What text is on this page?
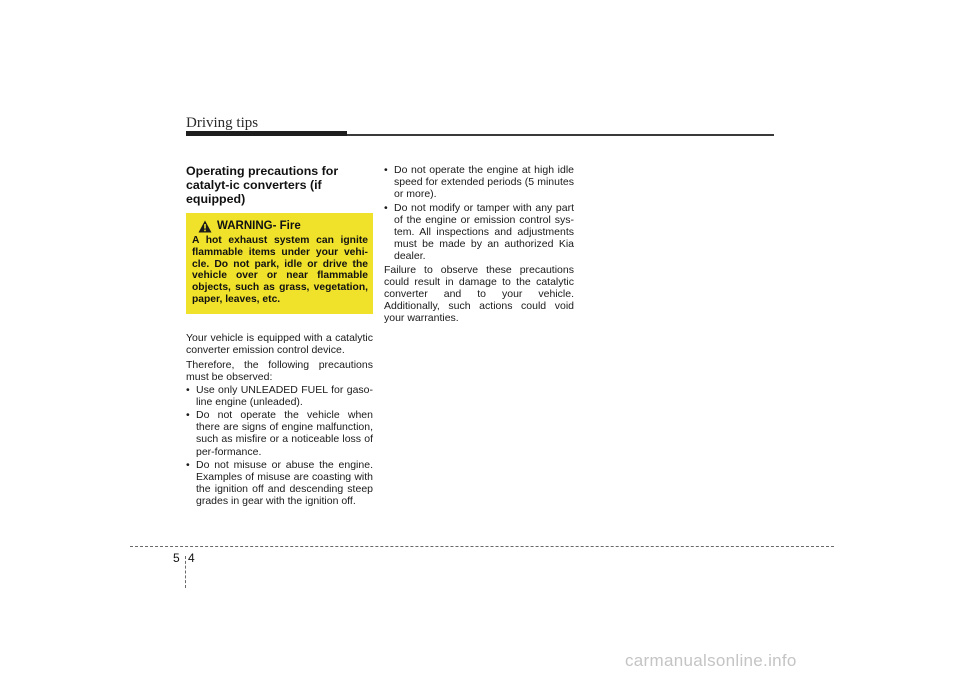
Driving tips
Operating precautions for catalyt-ic converters (if equipped)
WARNING - Fire
A hot exhaust system can ignite flammable items under your vehi-cle. Do not park, idle or drive the vehicle over or near flammable objects, such as grass, vegetation, paper, leaves, etc.

Your vehicle is equipped with a catalytic converter emission control device.

Therefore, the following precautions must be observed:

• Use only UNLEADED FUEL for gaso-line engine (unleaded).
• Do not operate the vehicle when there are signs of engine malfunction, such as misfire or a noticeable loss of per-formance.
• Do not misuse or abuse the engine. Examples of misuse are coasting with the ignition off and descending steep grades in gear with the ignition off.
• Do not operate the engine at high idle speed for extended periods (5 minutes or more).
• Do not modify or tamper with any part of the engine or emission control sys-tem. All inspections and adjustments must be made by an authorized Kia dealer.

Failure to observe these precautions could result in damage to the catalytic converter and to your vehicle. Additionally, such actions could void your warranties.

5 4
carmanualsonline.info
